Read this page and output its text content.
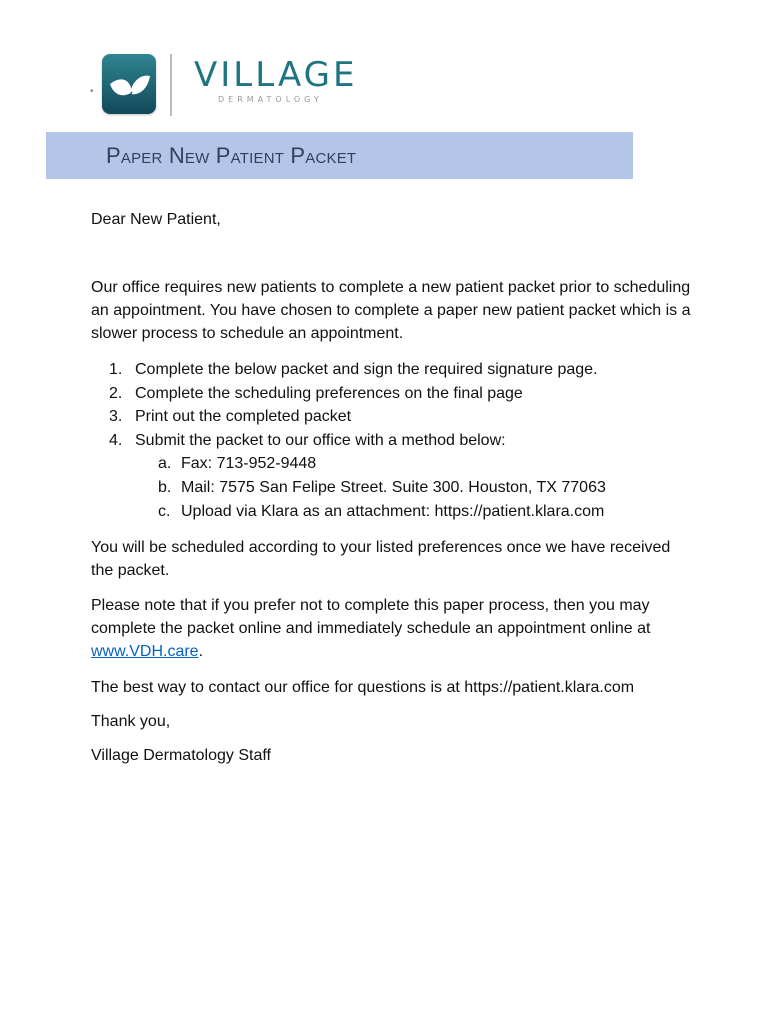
•	VILLAGE
DERMATOLOGY
Paper New Patient Packet

Dear New Patient,

Our office requires new patients to complete a new patient packet prior to scheduling an appointment. You have chosen to complete a paper new patient packet which is a slower process to schedule an appointment.

1. Complete the below packet and sign the required signature page.
2. Complete the scheduling preferences on the final page
3. Print out the completed packet
4. Submit the packet to our office with a method below:
a. Fax: 713-952-9448
b. Mail: 7575 San Felipe Street. Suite 300. Houston, TX 77063
c. Upload via Klara as an attachment: https://patient.klara.com

You will be scheduled according to your listed preferences once we have received the packet.

Please note that if you prefer not to complete this paper process, then you may complete the packet online and immediately schedule an appointment online at www.VDH.care.

The best way to contact our office for questions is at https://patient.klara.com

Thank you,

Village Dermatology Staff
